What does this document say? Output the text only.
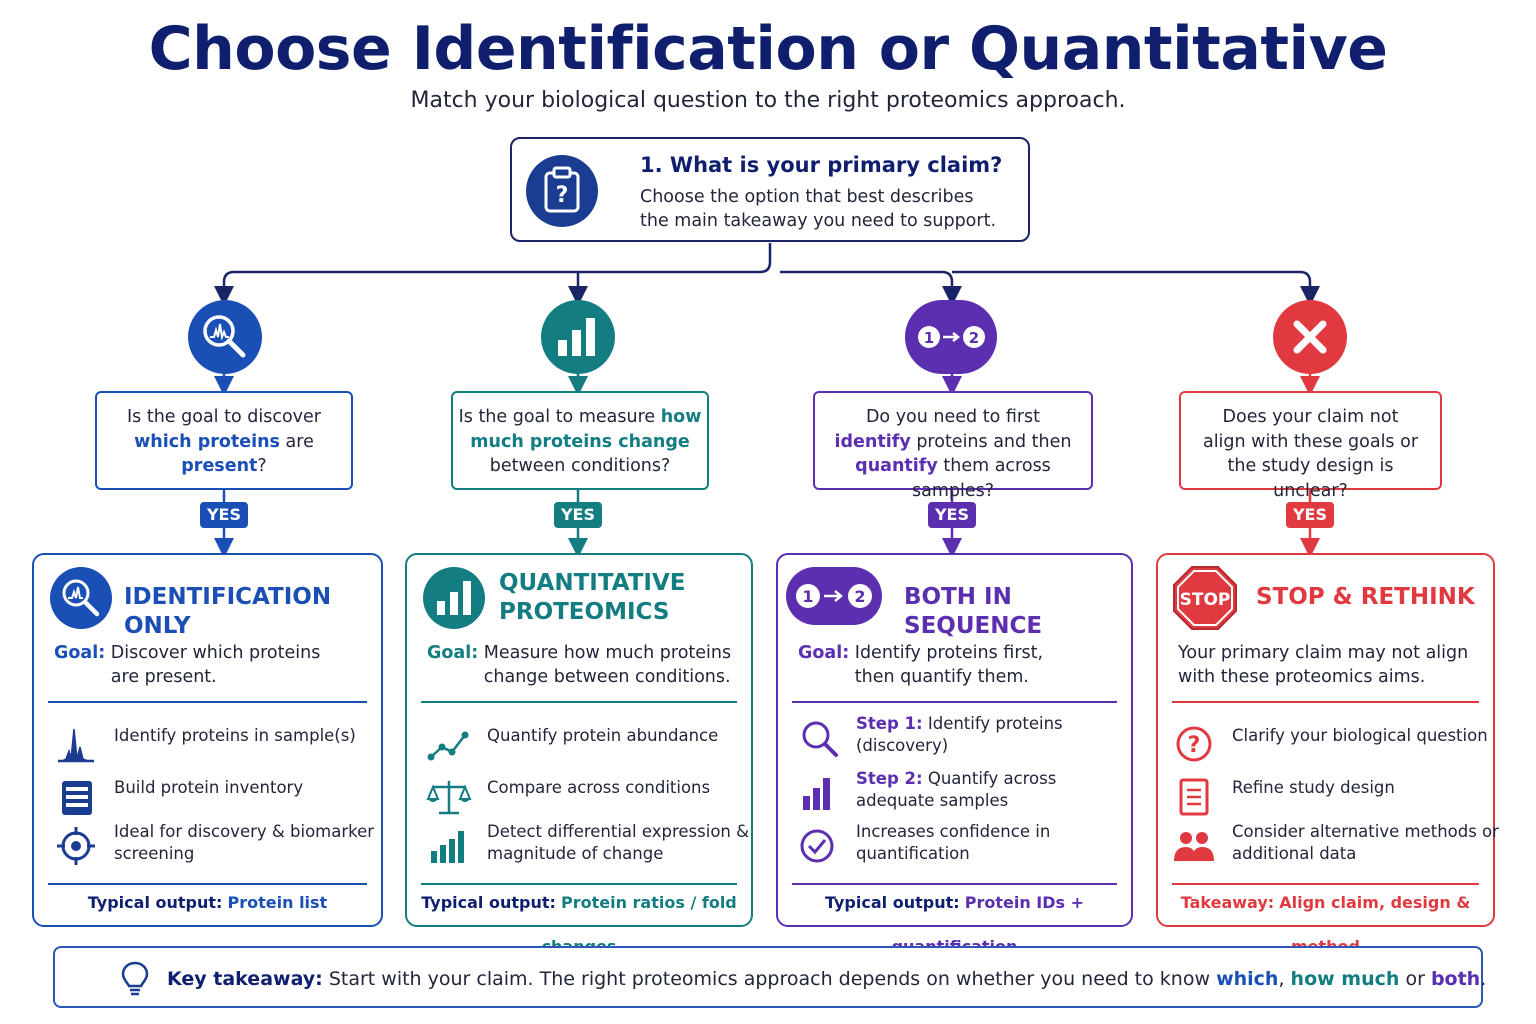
Choose Identification or Quantitative
Match your biological question to the right proteomics approach.
?
1. What is your primary claim?
Choose the option that best describes the main takeaway you need to support.
1 2
Is the goal to discover which proteins are present?
Is the goal to measure how much proteins change between conditions?
Do you need to first identify proteins and then quantify them across samples?
Does your claim not align with these goals or the study design is unclear?
YES	YES	YES	YES
IDENTIFICATION ONLY
Goal: Discover which proteins
are present.
Identify proteins in sample(s)
Build protein inventory
Ideal for discovery & biomarker screening
Typical output: Protein list
QUANTITATIVE
PROTEOMICS
Goal: Measure how much proteins
change between conditions.
Quantify protein abundance
Compare across conditions
Detect differential expression & magnitude of change
Typical output: Protein ratios / fold
1	2 BOTH IN SEQUENCE
Goal: Identify proteins first,
then quantify them.
Step 1: Identify proteins (discovery)
Step 2: Quantify across adequate samples
Increases confidence in quantification
Typical output: Protein IDs +
STOP STOP & RETHINK
Your primary claim may not align
with these proteomics aims.
? Clarify your biological question
Refine study design
Consider alternative methods or additional data
Takeaway: Align claim, design &
Key takeaway: Start with your claim. The right proteomics approach depends on whether you need to know which, how much or both.
